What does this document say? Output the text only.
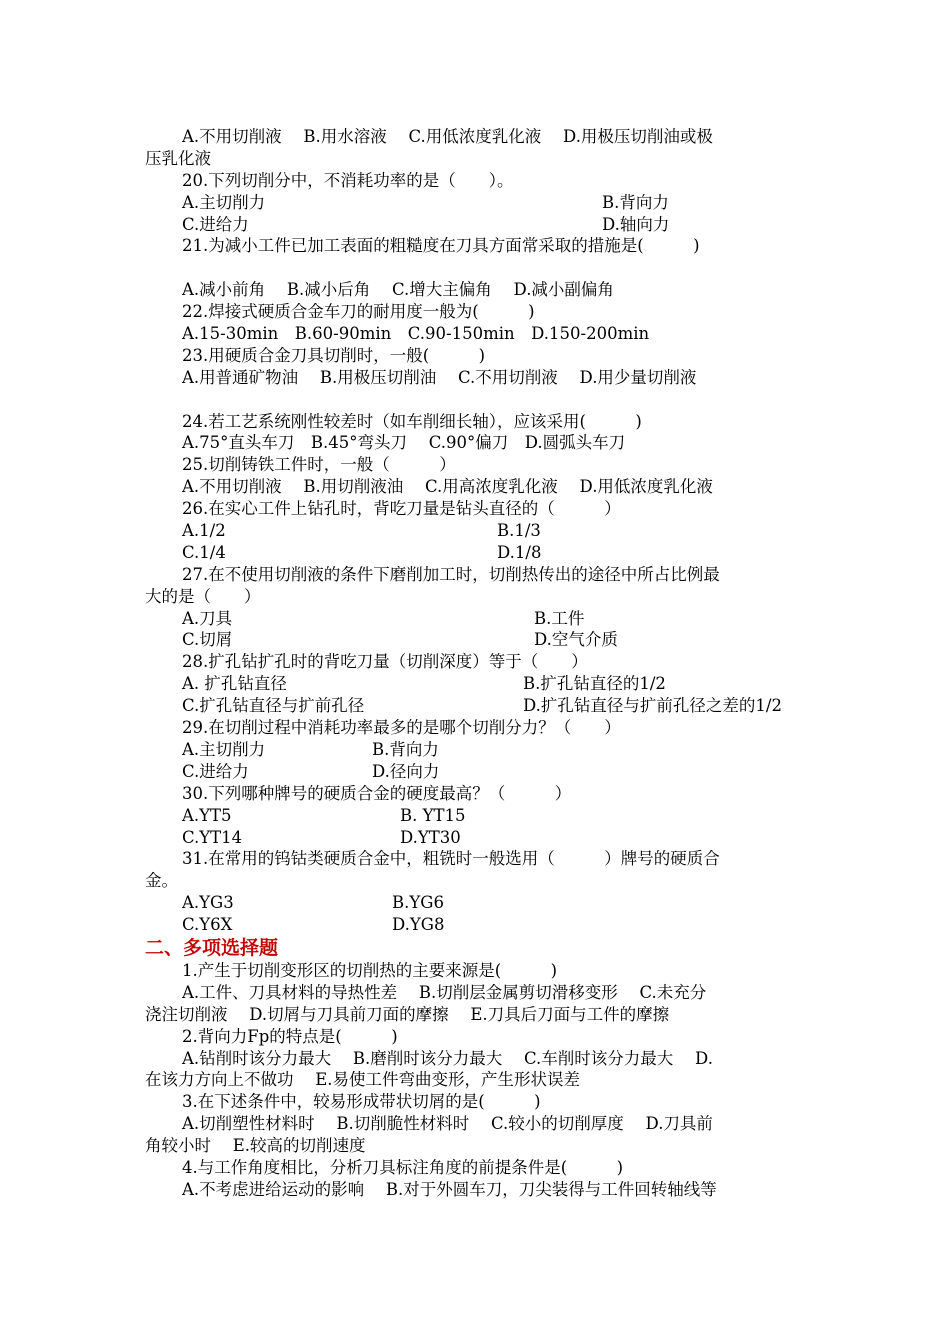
A.不用切削液　 B.用水溶液　 C.用低浓度乳化液　 D.用极压切削油或极
压乳化液
20.下列切削分中，不消耗功率的是（　　）。
A.主切削力	B.背向力
C.进给力	D.轴向力
21.为减小工件已加工表面的粗糙度在刀具方面常采取的措施是(　　　)
A.减小前角　 B.减小后角　 C.增大主偏角　 D.减小副偏角
22.焊接式硬质合金车刀的耐用度一般为(　　　)
A.15-30min　B.60-90min　C.90-150min　D.150-200min
23.用硬质合金刀具切削时，一般(　　　)
A.用普通矿物油　 B.用极压切削油　 C.不用切削液　 D.用少量切削液
24.若工艺系统刚性较差时（如车削细长轴），应该采用(　　　)
A.75°直头车刀　B.45°弯头刀　 C.90°偏刀　D.圆弧头车刀
25.切削铸铁工件时，一般（　　　）
A.不用切削液　 B.用切削液油　 C.用高浓度乳化液　 D.用低浓度乳化液
26.在实心工件上钻孔时，背吃刀量是钻头直径的（　　　）
A.1/2	B.1/3
C.1/4	D.1/8
27.在不使用切削液的条件下磨削加工时，切削热传出的途径中所占比例最
大的是（　　）
A.刀具	B.工件
C.切屑	D.空气介质
28.扩孔钻扩孔时的背吃刀量（切削深度）等于（　　）
A. 扩孔钻直径	B.扩孔钻直径的1/2
C.扩孔钻直径与扩前孔径	D.扩孔钻直径与扩前孔径之差的1/2
29.在切削过程中消耗功率最多的是哪个切削分力？（　　）
A.主切削力	B.背向力
C.进给力	D.径向力
30.下列哪种牌号的硬质合金的硬度最高？（　　　）
A.YT5	B. YT15
C.YT14	D.YT30
31.在常用的钨钴类硬质合金中，粗铣时一般选用（　　　）牌号的硬质合
金。
A.YG3	B.YG6
C.Y6X	D.YG8
二、多项选择题
1.产生于切削变形区的切削热的主要来源是(　　　)
A.工件、刀具材料的导热性差　 B.切削层金属剪切滑移变形　 C.未充分
浇注切削液　 D.切屑与刀具前刀面的摩擦　 E.刀具后刀面与工件的摩擦
2.背向力Fp的特点是(　　　)
A.钻削时该分力最大　 B.磨削时该分力最大　 C.车削时该分力最大　 D.
在该力方向上不做功　 E.易使工件弯曲变形，产生形状误差
3.在下述条件中，较易形成带状切屑的是(　　　)
A.切削塑性材料时　 B.切削脆性材料时　 C.较小的切削厚度　 D.刀具前
角较小时　 E.较高的切削速度
4.与工作角度相比，分析刀具标注角度的前提条件是(　　　)
A.不考虑进给运动的影响　 B.对于外圆车刀，刀尖装得与工件回转轴线等
